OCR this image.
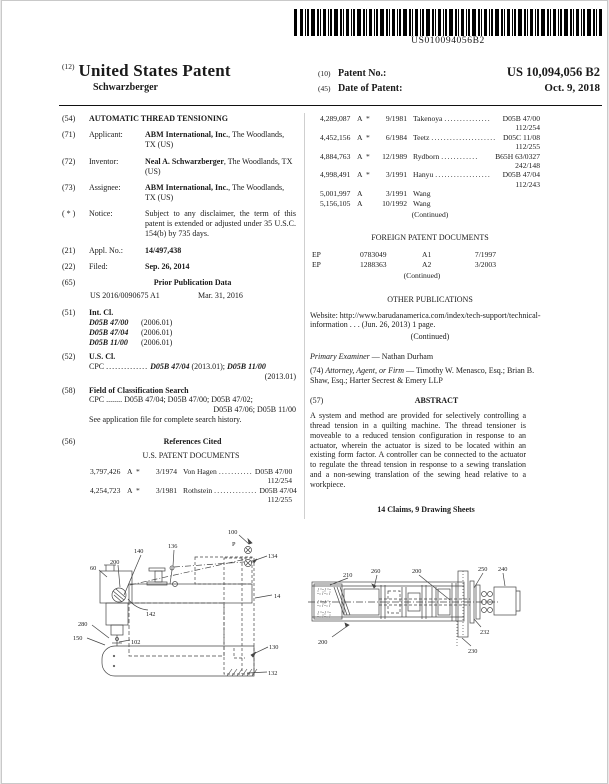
US010094056B2
$^{(12)}$ United States Patent
Schwarzberger
(10) Patent No.:	US 10,094,056 B2
(45) Date of Patent:	Oct. 9, 2018
(54)	AUTOMATIC THREAD TENSIONING
(71)	Applicant:	ABM International, Inc., The Woodlands, TX (US)
(72)	Inventor:	Neal A. Schwarzberger, The Woodlands, TX (US)
(73)	Assignee:	ABM International, Inc., The Woodlands, TX (US)
( * )	Notice:	Subject to any disclaimer, the term of this patent is extended or adjusted under 35 U.S.C. 154(b) by 735 days.
(21)	Appl. No.:	14/497,438
(22)	Filed:	Sep. 26, 2014
(65)	Prior Publication Data
US 2016/0090675 A1	Mar. 31, 2016
(51)	Int. Cl.
D05B 47/00	(2006.01)
D05B 47/04	(2006.01)
D05B 11/00	(2006.01)
(52)	U.S. Cl.
CPC .............. D05B 47/04 (2013.01); D05B 11/00
(2013.01)
(58)	Field of Classification Search
CPC ........ D05B 47/04; D05B 47/00; D05B 47/02;
D05B 47/06; D05B 11/00
See application file for complete search history.
(56)	References Cited
U.S. PATENT DOCUMENTS
3,797,426 A *	3/1974 Von Hagen ........... D05B 47/00
112/254
4,254,723 A *	3/1981 Rothstein .............. D05B 47/04
112/255
4,289,087 A *	9/1981 Takenoya ...............	D05B 47/00
112/254
4,452,156 A *	6/1984 Teetz ..................... D05C 11/08
112/255
4,884,763 A *	12/1989 Rydborn ............	B65H 63/0327
242/148
4,998,491 A *	3/1991 Hanyu ..................	D05B 47/04
112/243
5,001,997 A	3/1991 Wang
5,156,105 A	10/1992 Wang
(Continued)
FOREIGN PATENT DOCUMENTS
EP	0783049	A1	7/1997
EP	1288363	A2	3/2003
(Continued)
OTHER PUBLICATIONS
Website: http://www.barudanamerica.com/index/tech-support/technical-
information . . . (Jun. 26, 2013) 1 page.
(Continued)
Primary Examiner — Nathan Durham
(74) Attorney, Agent, or Firm — Timothy W. Menasco, Esq.; Brian B. Shaw, Esq.; Harter Secrest & Emery LLP
(57)	ABSTRACT
A system and method are provided for selectively controlling a thread tension in a quilting machine. The thread tensioner is moveable to a reduced tension configuration in response to an actuator, wherein the actuator is sized to be located within an existing form factor. A controller can be connected to the actuator to regulate the thread tension in response to a sewing translation and a non-sewing translation of the sewing head relative to a workpiece.
14 Claims, 9 Drawing Sheets
100
60
140
200
136	P
134
14
142
280
150
102
130
132
210
260	200	250 240
232
230
200
